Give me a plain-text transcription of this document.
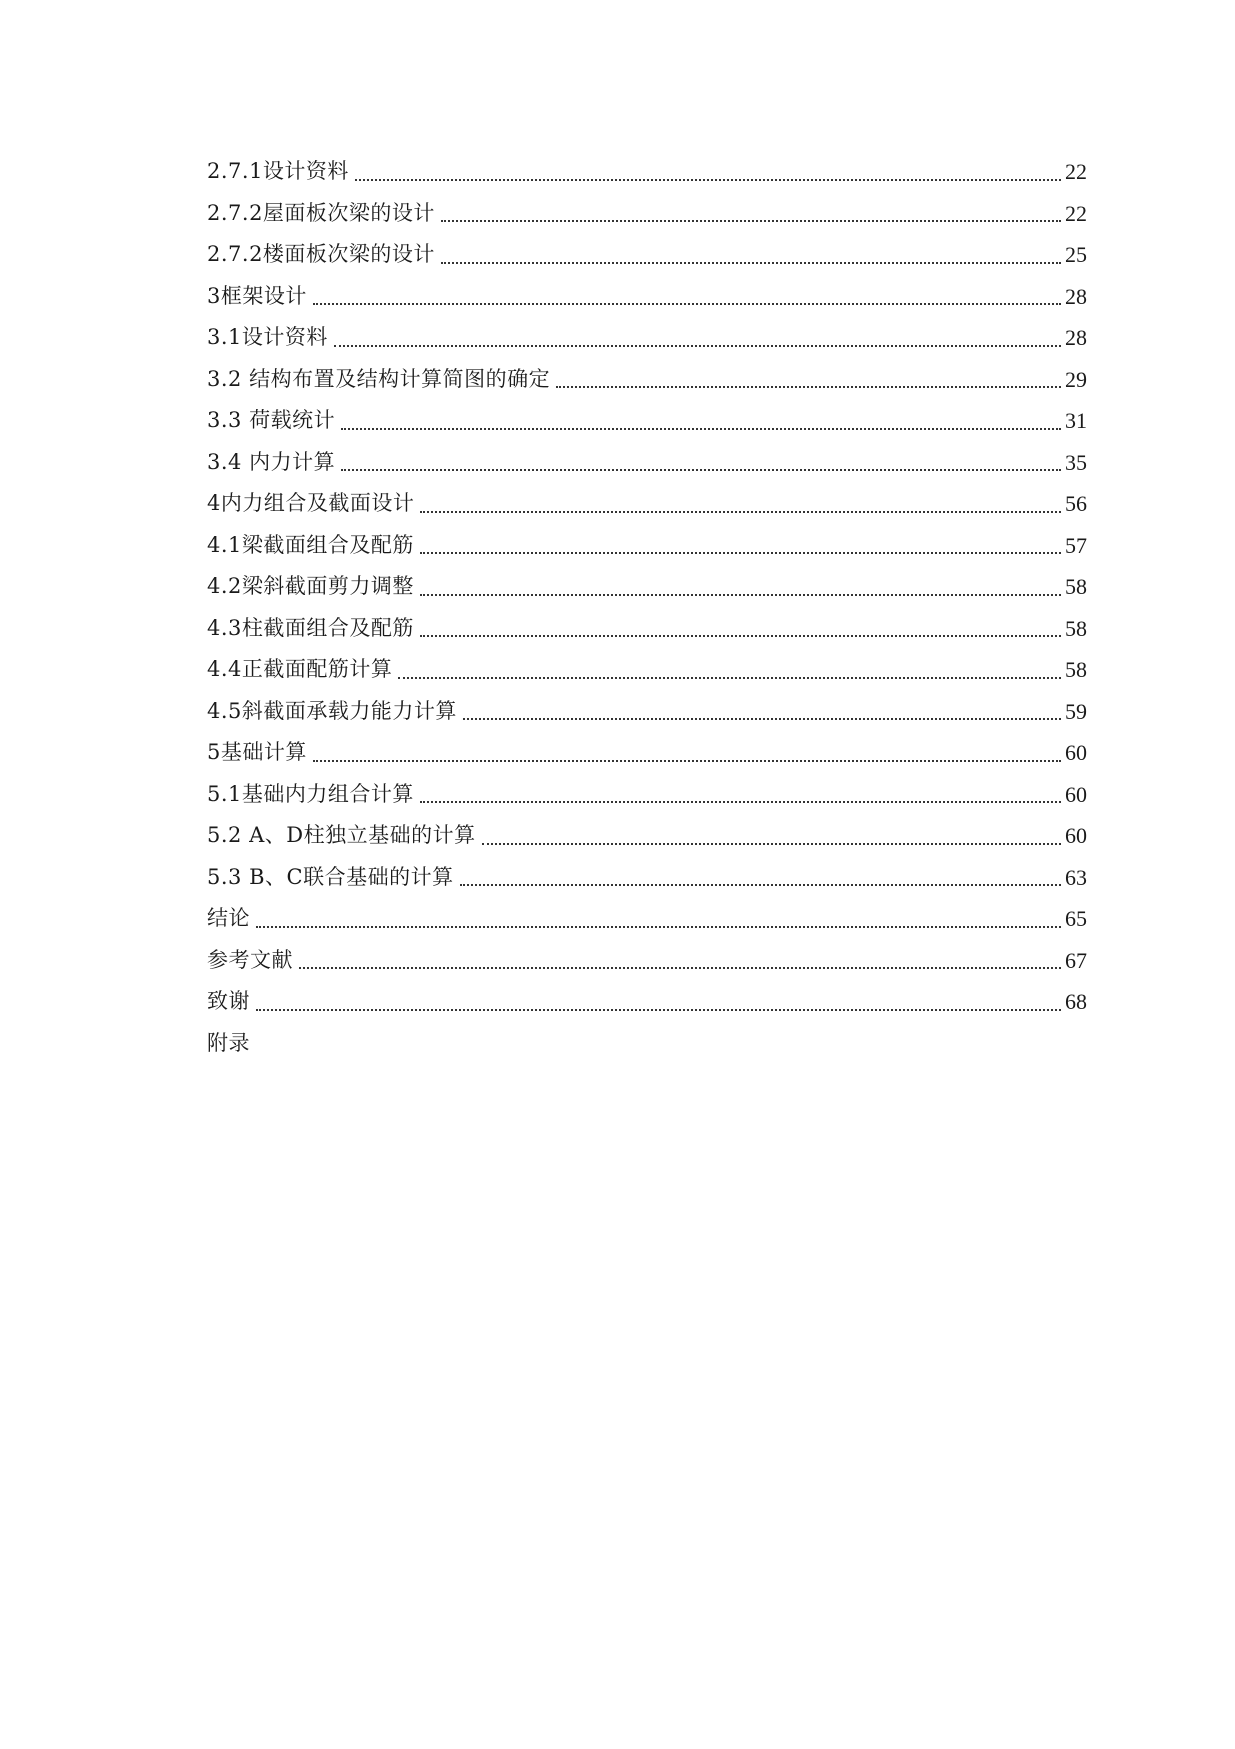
2.7.1设计资料	22
2.7.2屋面板次梁的设计	22
2.7.2楼面板次梁的设计	25
3框架设计	28
3.1设计资料	28
3.2 结构布置及结构计算简图的确定	29
3.3 荷载统计	31
3.4 内力计算	35
4内力组合及截面设计	56
4.1梁截面组合及配筋	57
4.2梁斜截面剪力调整	58
4.3柱截面组合及配筋	58
4.4正截面配筋计算	58
4.5斜截面承载力能力计算	59
5基础计算	60
5.1基础内力组合计算	60
5.2 A、D柱独立基础的计算	60
5.3 B、C联合基础的计算	63
结论	65
参考文献	67
致谢	68
附录
